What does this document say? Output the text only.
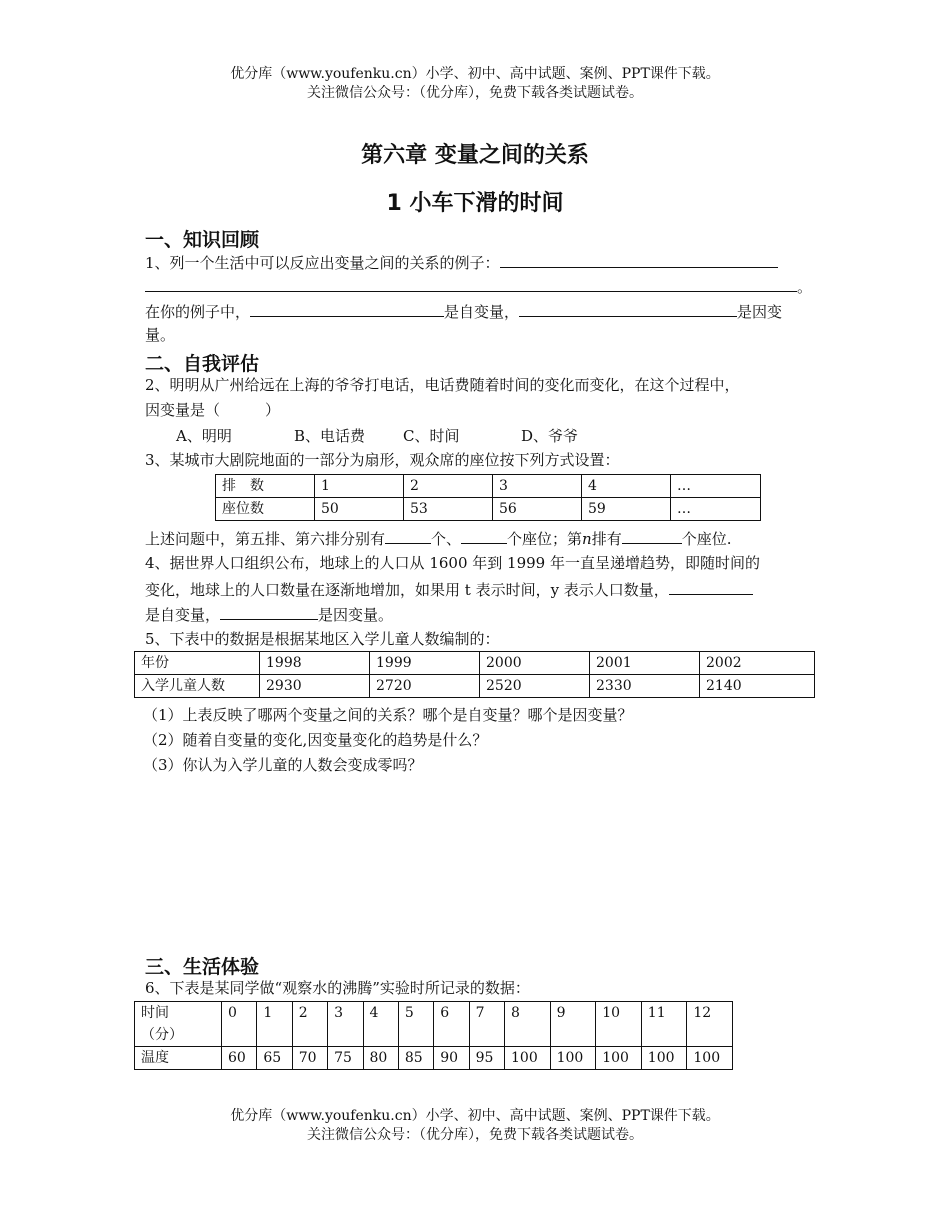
优分库（www.youfenku.cn）小学、初中、高中试题、案例、PPT课件下载。
关注微信公众号：（优分库），免费下载各类试题试卷。
第六章 变量之间的关系
1 小车下滑的时间
一、知识回顾
1、列一个生活中可以反应出变量之间的关系的例子：
。
在你的例子中，	是自变量，	是因变
量。
二、自我评估
2、明明从广州给远在上海的爷爷打电话，电话费随着时间的变化而变化，在这个过程中，
因变量是（　　　）
A、明明	B、电话费	C、时间	D、爷爷
3、某城市大剧院地面的一部分为扇形，观众席的座位按下列方式设置：
排　数	1	2	3	4	…
座位数	50	53	56	59	…
上述问题中，第五排、第六排分别有	个、	个座位；第n排有	个座位.
4、据世界人口组织公布，地球上的人口从 1600 年到 1999 年一直呈递增趋势，即随时间的
变化，地球上的人口数量在逐渐地增加，如果用 t 表示时间，y 表示人口数量，
是自变量，	是因变量。
5、下表中的数据是根据某地区入学儿童人数编制的：
年份	1998	1999	2000	2001	2002
入学儿童人数	2930	2720	2520	2330	2140
（1）上表反映了哪两个变量之间的关系？哪个是自变量？哪个是因变量？
（2）随着自变量的变化,因变量变化的趋势是什么？
（3）你认为入学儿童的人数会变成零吗？
三、生活体验
6、下表是某同学做“观察水的沸腾”实验时所记录的数据：
时间
（分）	0	1	2	3	4	5	6	7	8	9	10	11	12
温度	60	65	70	75	80	85	90	95	100	100	100	100	100
优分库（www.youfenku.cn）小学、初中、高中试题、案例、PPT课件下载。
关注微信公众号：（优分库），免费下载各类试题试卷。
